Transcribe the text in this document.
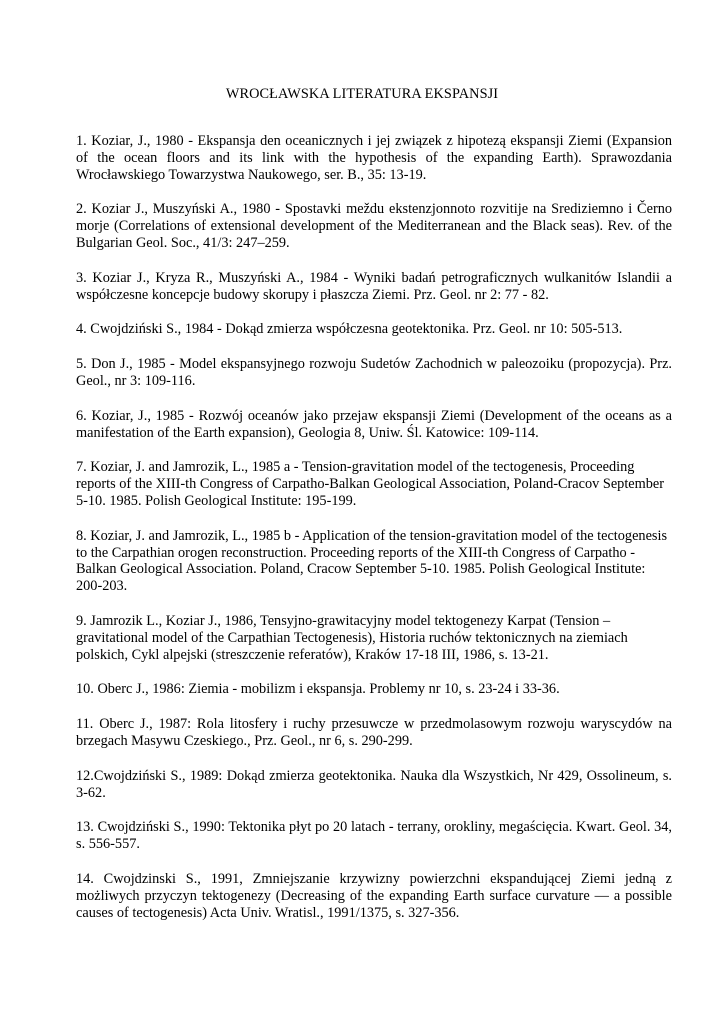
WROCŁAWSKA LITERATURA EKSPANSJI
1. Koziar, J., 1980 - Ekspansja den oceanicznych i jej związek z hipotezą ekspansji Ziemi (Expansion of the ocean floors and its link with the hypothesis of the expanding Earth). Sprawozdania Wrocławskiego Towarzystwa Naukowego, ser. B., 35: 13-19.
2. Koziar J., Muszyński A., 1980 - Spostavki meždu ekstenzjonnoto rozvitije na Sredizіemno i Černo morje (Correlations of extensional development of the Mediterranean and the Black seas). Rev. of the Bulgarian Geol. Soc., 41/3: 247–259.
3. Koziar J., Kryza R., Muszyński A., 1984 - Wyniki badań petrograficznych wulkanitów Islandii a współczesne koncepcje budowy skorupy i płaszcza Ziemi. Prz. Geol. nr 2: 77 - 82.
4. Cwojdziński S., 1984 - Dokąd zmierza współczesna geotektonika. Prz. Geol. nr 10: 505-513.
5. Don J., 1985 - Model ekspansyjnego rozwoju Sudetów Zachodnich w paleozoiku (propozycja). Prz. Geol., nr 3: 109-116.
6. Koziar, J., 1985 - Rozwój oceanów jako przejaw ekspansji Ziemi (Development of the oceans as a manifestation of the Earth expansion), Geologia 8, Uniw. Śl. Katowice: 109-114.
7. Koziar, J. and Jamrozik, L., 1985 a - Tension-gravitation model of the tectogenesis, Proceeding reports of the XIII-th Congress of Carpatho-Balkan Geological Association, Poland-Cracov September 5-10. 1985. Polish Geological Institute: 195-199.
8. Koziar, J. and Jamrozik, L., 1985 b - Application of the tension-gravitation model of the tectogenesis to the Carpathian orogen reconstruction. Proceeding reports of the XIII-th Congress of Carpatho - Balkan Geological Association. Poland, Cracow September 5-10. 1985. Polish Geological Institute: 200-203.
9. Jamrozik L., Koziar J., 1986, Tensyjno-grawitacyjny model tektogenezy Karpat (Tension – gravitational model of the Carpathian Tectogenesis), Historia ruchów tektonicznych na ziemiach polskich, Cykl alpejski (streszczenie referatów), Kraków 17-18 III, 1986, s. 13-21.
10. Oberc J., 1986: Ziemia - mobilizm i ekspansja. Problemy nr 10, s. 23-24 i 33-36.
11. Oberc J., 1987: Rola litosfery i ruchy przesuwcze w przedmolasowym rozwoju waryscydów na brzegach Masywu Czeskiego., Prz. Geol., nr 6, s. 290-299.
12.Cwojdziński S., 1989: Dokąd zmierza geotektonika. Nauka dla Wszystkich, Nr 429, Ossolineum, s. 3-62.
13. Cwojdziński S., 1990: Tektonika płyt po 20 latach - terrany, orokliny, megaścięcia. Kwart. Geol. 34, s. 556-557.
14. Cwojdzinski S., 1991, Zmniejszanie krzywizny powierzchni ekspandującej Ziemi jedną z możliwych przyczyn tektogenezy (Decreasing of the expanding Earth surface curvature — a possible causes of tectogenesis) Acta Univ. Wratisl., 1991/1375, s. 327-356.
